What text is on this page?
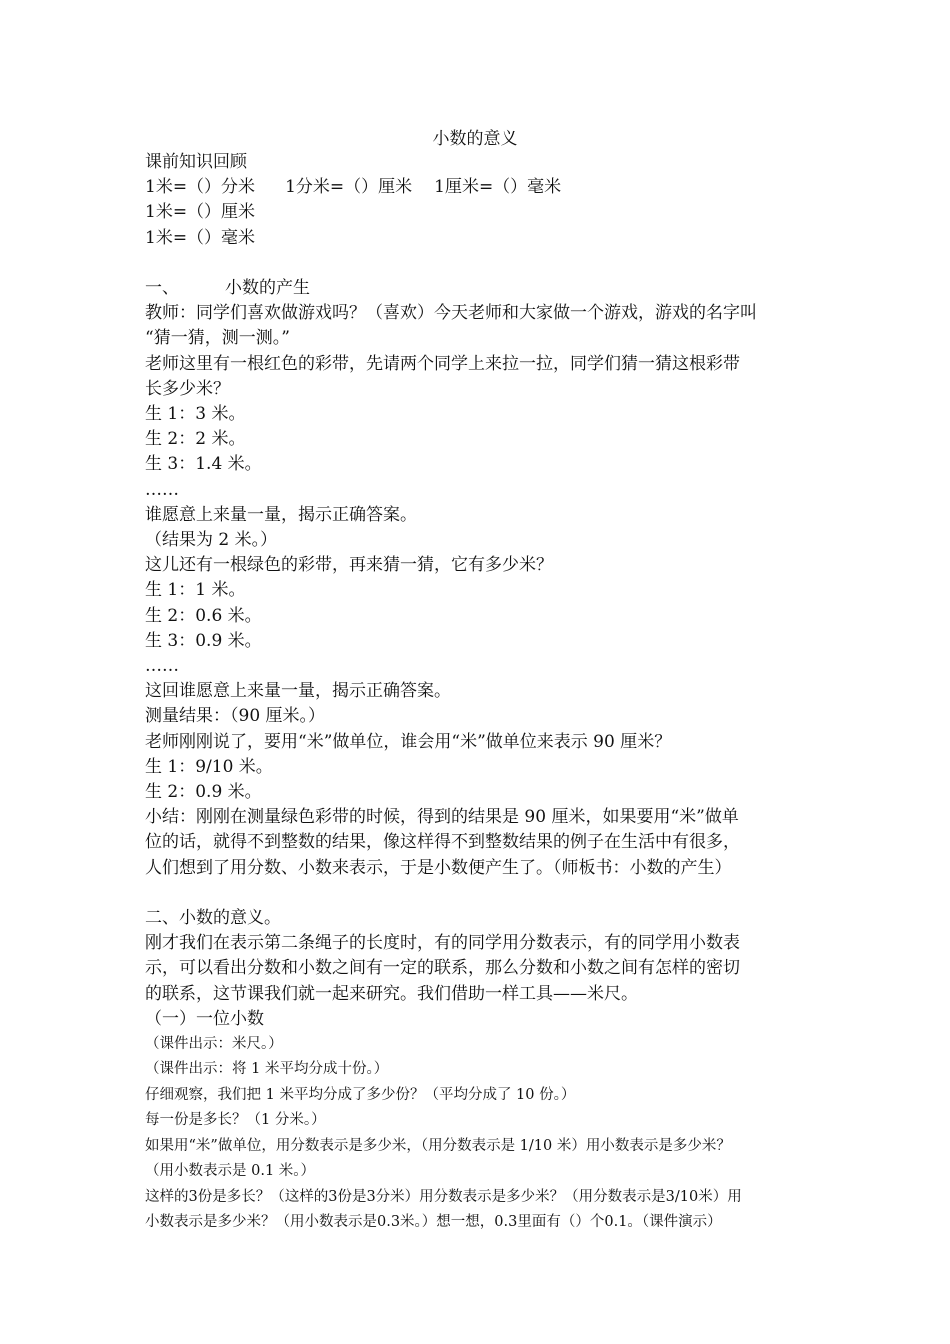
小数的意义
课前知识回顾
1米=（）分米 1分米=（）厘米 1厘米=（）毫米
1米=（）厘米
1米=（）毫米
一、	小数的产生
教师：同学们喜欢做游戏吗？（喜欢）今天老师和大家做一个游戏，游戏的名字叫
“猜一猜，测一测。”
老师这里有一根红色的彩带，先请两个同学上来拉一拉，同学们猜一猜这根彩带
长多少米？
生 1：3 米。
生 2：2 米。
生 3：1.4 米。
……
谁愿意上来量一量，揭示正确答案。
（结果为 2 米。）
这儿还有一根绿色的彩带，再来猜一猜，它有多少米？
生 1：1 米。
生 2：0.6 米。
生 3：0.9 米。
……
这回谁愿意上来量一量，揭示正确答案。
测量结果：（90 厘米。）
老师刚刚说了，要用“米”做单位，谁会用“米”做单位来表示 90 厘米？
生 1：9/10 米。
生 2：0.9 米。
小结：刚刚在测量绿色彩带的时候，得到的结果是 90 厘米，如果要用“米”做单
位的话，就得不到整数的结果，像这样得不到整数结果的例子在生活中有很多，
人们想到了用分数、小数来表示，于是小数便产生了。（师板书：小数的产生）
二、小数的意义。
刚才我们在表示第二条绳子的长度时，有的同学用分数表示，有的同学用小数表
示，可以看出分数和小数之间有一定的联系，那么分数和小数之间有怎样的密切
的联系，这节课我们就一起来研究。我们借助一样工具——米尺。
（一）一位小数
（课件出示：米尺。）
（课件出示：将 1 米平均分成十份。）
仔细观察，我们把 1 米平均分成了多少份？（平均分成了 10 份。）
每一份是多长？（1 分米。）
如果用“米”做单位，用分数表示是多少米，（用分数表示是 1/10 米）用小数表示是多少米？
（用小数表示是 0.1 米。）
这样的3份是多长？（这样的3份是3分米）用分数表示是多少米？（用分数表示是3/10米）用
小数表示是多少米？（用小数表示是0.3米。）想一想，0.3里面有（）个0.1。（课件演示）
